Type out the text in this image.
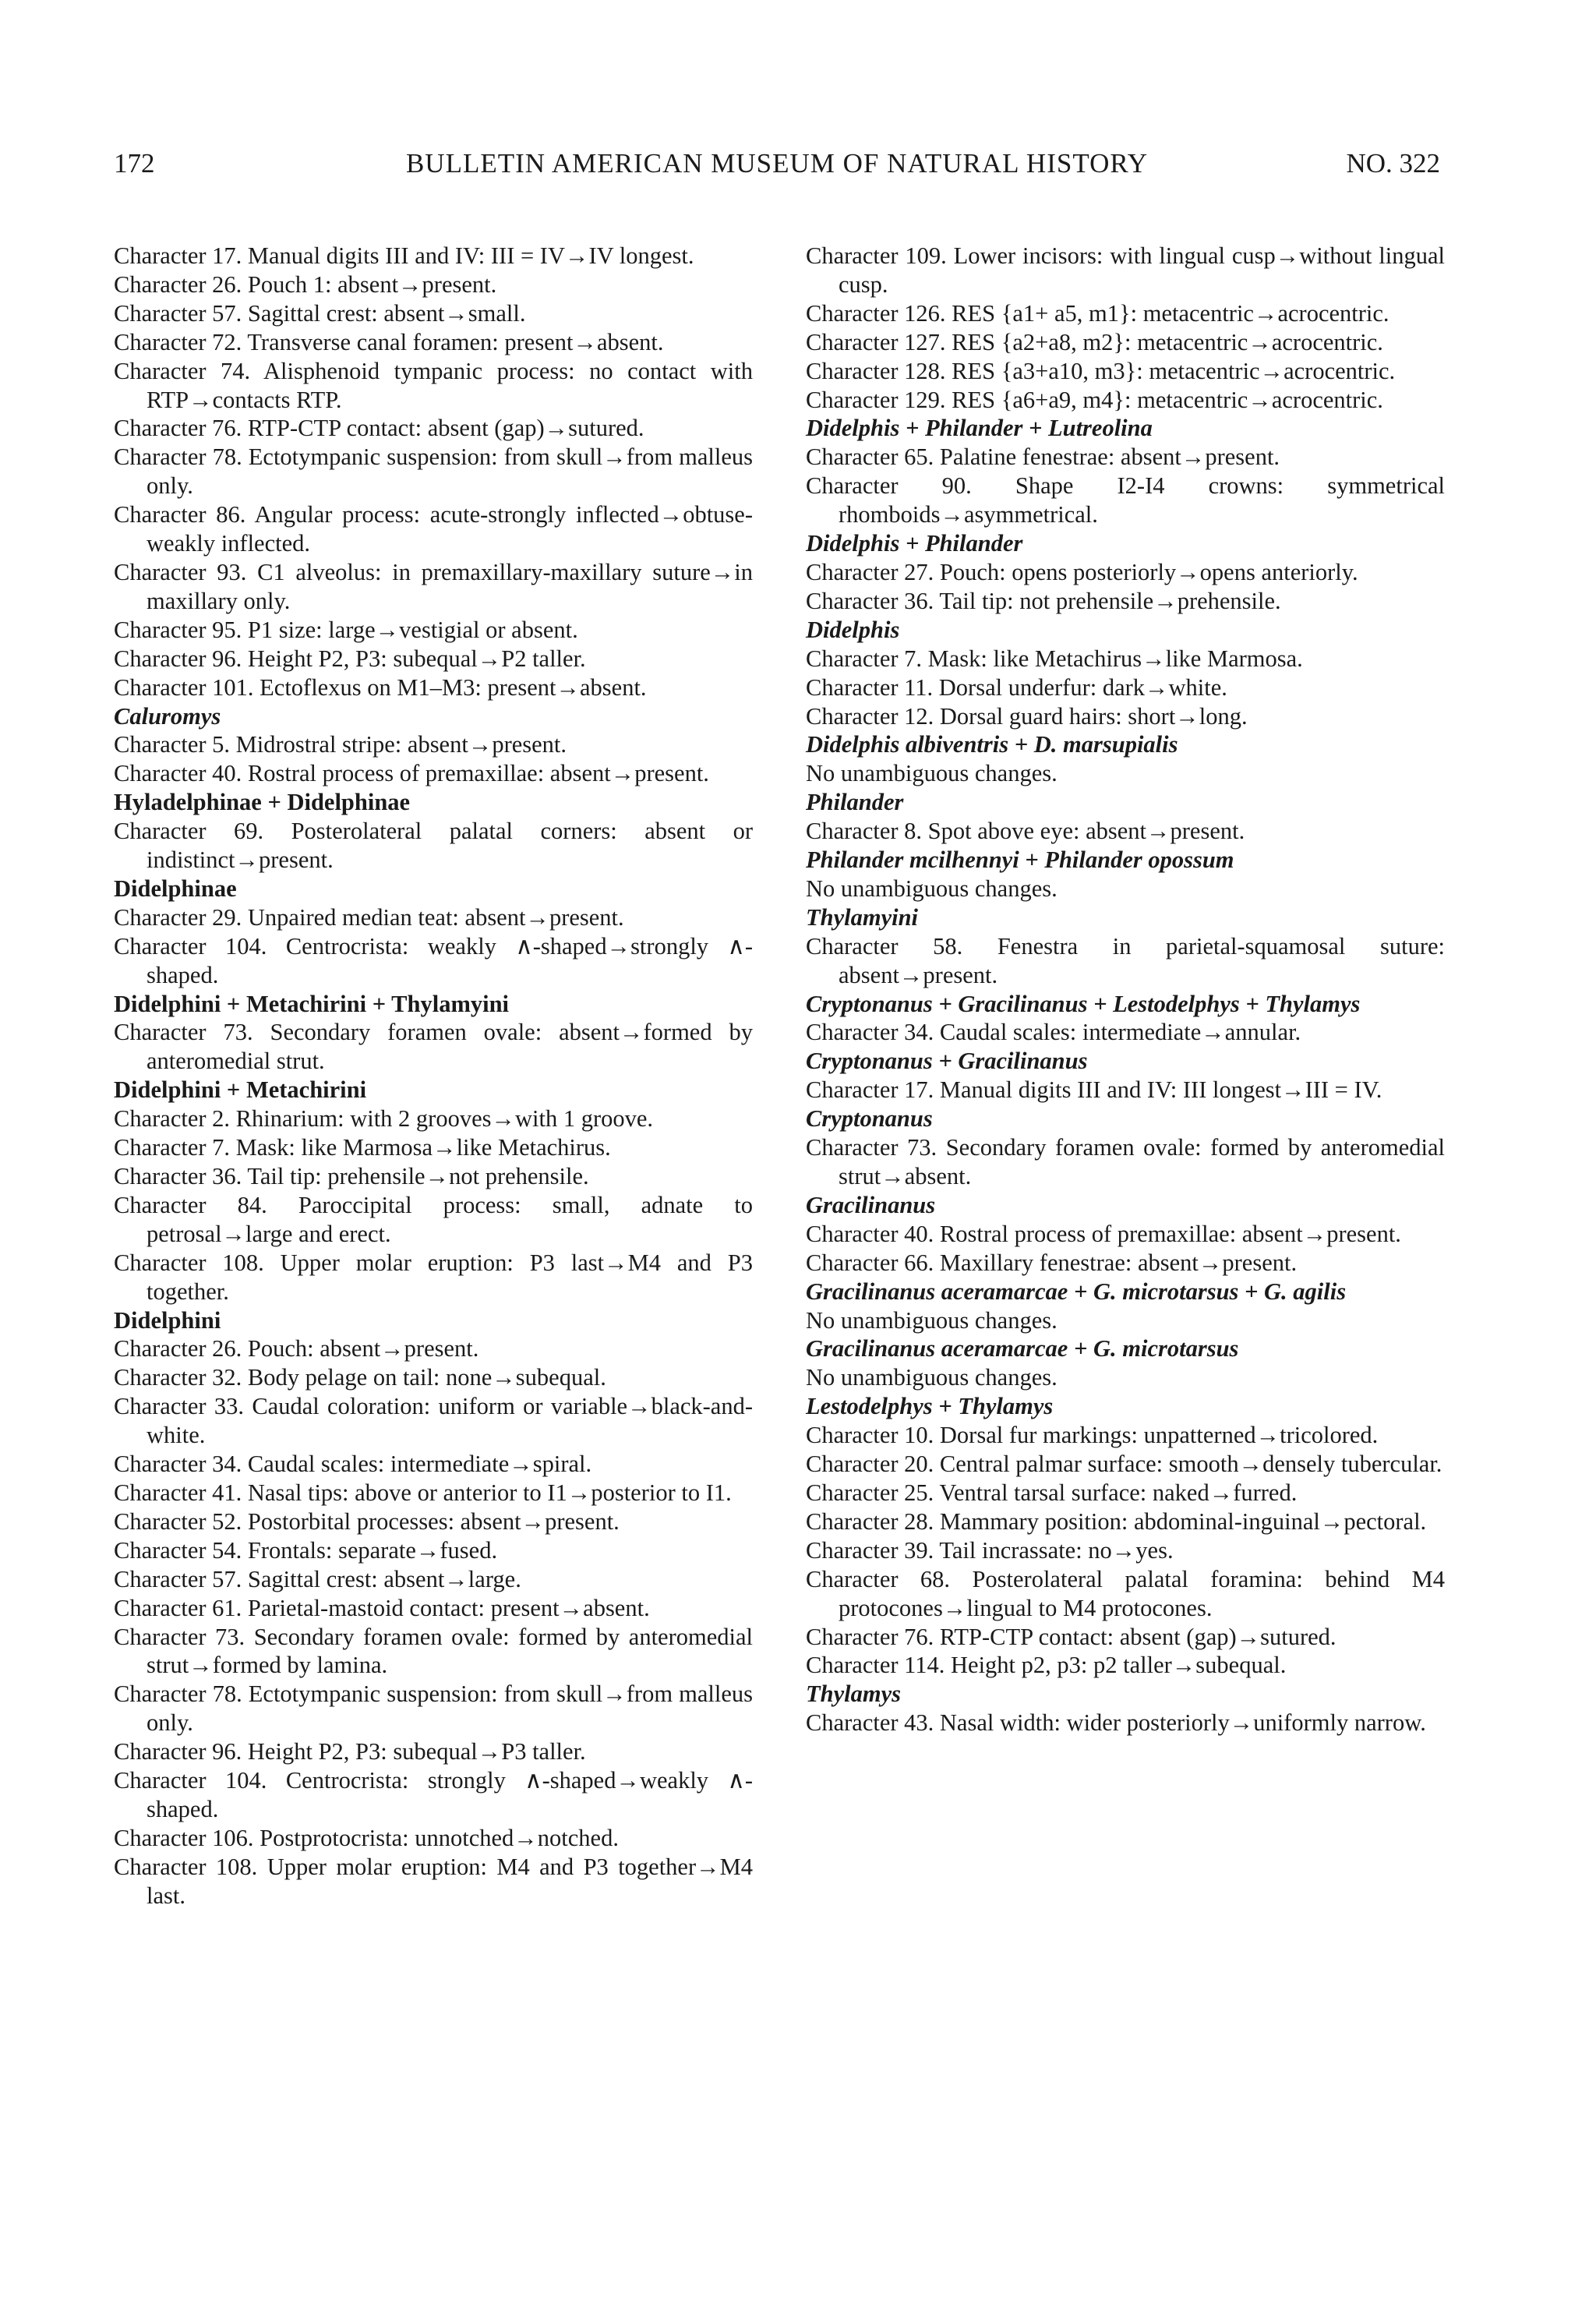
172	BULLETIN AMERICAN MUSEUM OF NATURAL HISTORY	NO. 322

Character 17. Manual digits III and IV: III = IV→IV longest.

Character 26. Pouch 1: absent→present.

Character 57. Sagittal crest: absent→small.

Character 72. Transverse canal foramen: present→absent.

Character 74. Alisphenoid tympanic process: no contact with RTP→contacts RTP.

Character 76. RTP-CTP contact: absent (gap)→sutured.

Character 78. Ectotympanic suspension: from skull→from malleus only.

Character 86. Angular process: acute-strongly inflected→obtuse-weakly inflected.

Character 93. C1 alveolus: in premaxillary-maxillary suture→in maxillary only.

Character 95. P1 size: large→vestigial or absent.

Character 96. Height P2, P3: subequal→P2 taller.

Character 101. Ectoflexus on M1–M3: present→absent.

Caluromys

Character 5. Midrostral stripe: absent→present.

Character 40. Rostral process of premaxillae: absent→present.

Hyladelphinae + Didelphinae

Character 69. Posterolateral palatal corners: absent or indistinct→present.

Didelphinae

Character 29. Unpaired median teat: absent→present.

Character 104. Centrocrista: weakly ∧-shaped→strongly ∧-shaped.

Didelphini + Metachirini + Thylamyini

Character 73. Secondary foramen ovale: absent→formed by anteromedial strut.

Didelphini + Metachirini

Character 2. Rhinarium: with 2 grooves→with 1 groove.

Character 7. Mask: like Marmosa→like Metachirus.

Character 36. Tail tip: prehensile→not prehensile.

Character 84. Paroccipital process: small, adnate to petrosal→large and erect.

Character 108. Upper molar eruption: P3 last→M4 and P3 together.

Didelphini

Character 26. Pouch: absent→present.

Character 32. Body pelage on tail: none→subequal.

Character 33. Caudal coloration: uniform or variable→black-and-white.

Character 34. Caudal scales: intermediate→spiral.

Character 41. Nasal tips: above or anterior to I1→posterior to I1.

Character 52. Postorbital processes: absent→present.

Character 54. Frontals: separate→fused.

Character 57. Sagittal crest: absent→large.

Character 61. Parietal-mastoid contact: present→absent.

Character 73. Secondary foramen ovale: formed by anteromedial strut→formed by lamina.

Character 78. Ectotympanic suspension: from skull→from malleus only.

Character 96. Height P2, P3: subequal→P3 taller.

Character 104. Centrocrista: strongly ∧-shaped→weakly ∧-shaped.

Character 106. Postprotocrista: unnotched→notched.

Character 108. Upper molar eruption: M4 and P3 together→M4 last.

Character 109. Lower incisors: with lingual cusp→without lingual cusp.

Character 126. RES {a1+ a5, m1}: metacentric→acrocentric.

Character 127. RES {a2+a8, m2}: metacentric→acrocentric.

Character 128. RES {a3+a10, m3}: metacentric→acrocentric.

Character 129. RES {a6+a9, m4}: metacentric→acrocentric.

Didelphis + Philander + Lutreolina

Character 65. Palatine fenestrae: absent→present.

Character 90. Shape I2-I4 crowns: symmetrical rhomboids→asymmetrical.

Didelphis + Philander

Character 27. Pouch: opens posteriorly→opens anteriorly.

Character 36. Tail tip: not prehensile→prehensile.

Didelphis

Character 7. Mask: like Metachirus→like Marmosa.

Character 11. Dorsal underfur: dark→white.

Character 12. Dorsal guard hairs: short→long.

Didelphis albiventris + D. marsupialis

No unambiguous changes.

Philander

Character 8. Spot above eye: absent→present.

Philander mcilhennyi + Philander opossum

No unambiguous changes.

Thylamyini

Character 58. Fenestra in parietal-squamosal suture: absent→present.

Cryptonanus + Gracilinanus + Lestodelphys + Thylamys

Character 34. Caudal scales: intermediate→annular.

Cryptonanus + Gracilinanus

Character 17. Manual digits III and IV: III longest→III = IV.

Cryptonanus

Character 73. Secondary foramen ovale: formed by anteromedial strut→absent.

Gracilinanus

Character 40. Rostral process of premaxillae: absent→present.

Character 66. Maxillary fenestrae: absent→present.

Gracilinanus aceramarcae + G. microtarsus + G. agilis

No unambiguous changes.

Gracilinanus aceramarcae + G. microtarsus

No unambiguous changes.

Lestodelphys + Thylamys

Character 10. Dorsal fur markings: unpatterned→tricolored.

Character 20. Central palmar surface: smooth→densely tubercular.

Character 25. Ventral tarsal surface: naked→furred.

Character 28. Mammary position: abdominal-inguinal→pectoral.

Character 39. Tail incrassate: no→yes.

Character 68. Posterolateral palatal foramina: behind M4 protocones→lingual to M4 protocones.

Character 76. RTP-CTP contact: absent (gap)→sutured.

Character 114. Height p2, p3: p2 taller→subequal.

Thylamys

Character 43. Nasal width: wider posteriorly→uniformly narrow.
